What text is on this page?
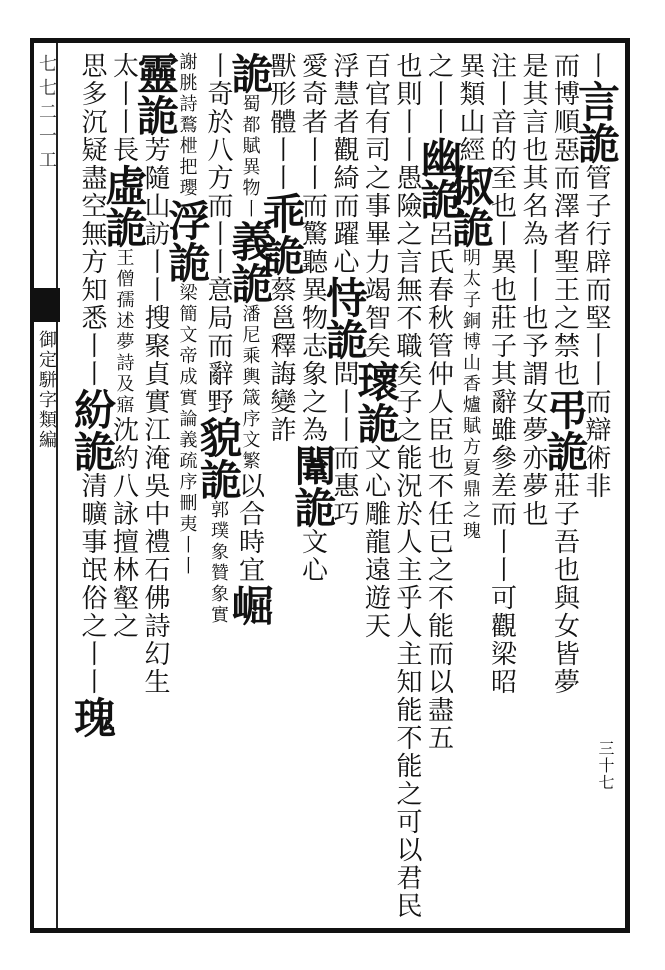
七七二一工
御定駢字類編
三十七
丨言詭管子行辟而堅丨丨而辯術非
而博順惡而澤者聖王之禁也弔詭莊子吾也與女皆夢
是其言也其名為丨丨也予謂女夢亦夢也
注丨音的至也丨異也莊子其辭雖參差而丨丨可觀梁昭
異類山經俶詭明太子銅博山香爐賦方夏鼎之瑰
之丨丨幽詭呂氏春秋管仲人臣也不任已之不能而以盡五
也則丨丨愚險之言無不職矣子之能況於人主乎人主知能不能之可以君民
百官有司之事畢力竭智矣瓌詭文心雕龍遠遊天
浮慧者觀綺而躍心恃詭問丨丨而惠巧
愛奇者丨丨而驚聽異物志象之為闈詭文心
獸形體丨丨乖詭蔡邕釋誨變詐
詭蜀都賦異物丨義詭潘尼乘輿箴序文繁以合時宜崛
丨奇於八方而丨丨意局而辭野貌詭郭璞象贊象實
謝朓詩鶩枻把瓔浮詭梁簡文帝成實論義疏序刪夷丨丨
靈詭芳隨山訪丨丨搜聚貞實江淹吳中禮石佛詩幻生
太丨丨長虛詭王僧孺述夢詩及寤沈約八詠擅林壑之
思多沉疑盡空無方知悉丨丨紛詭清曠事氓俗之丨丨瑰
